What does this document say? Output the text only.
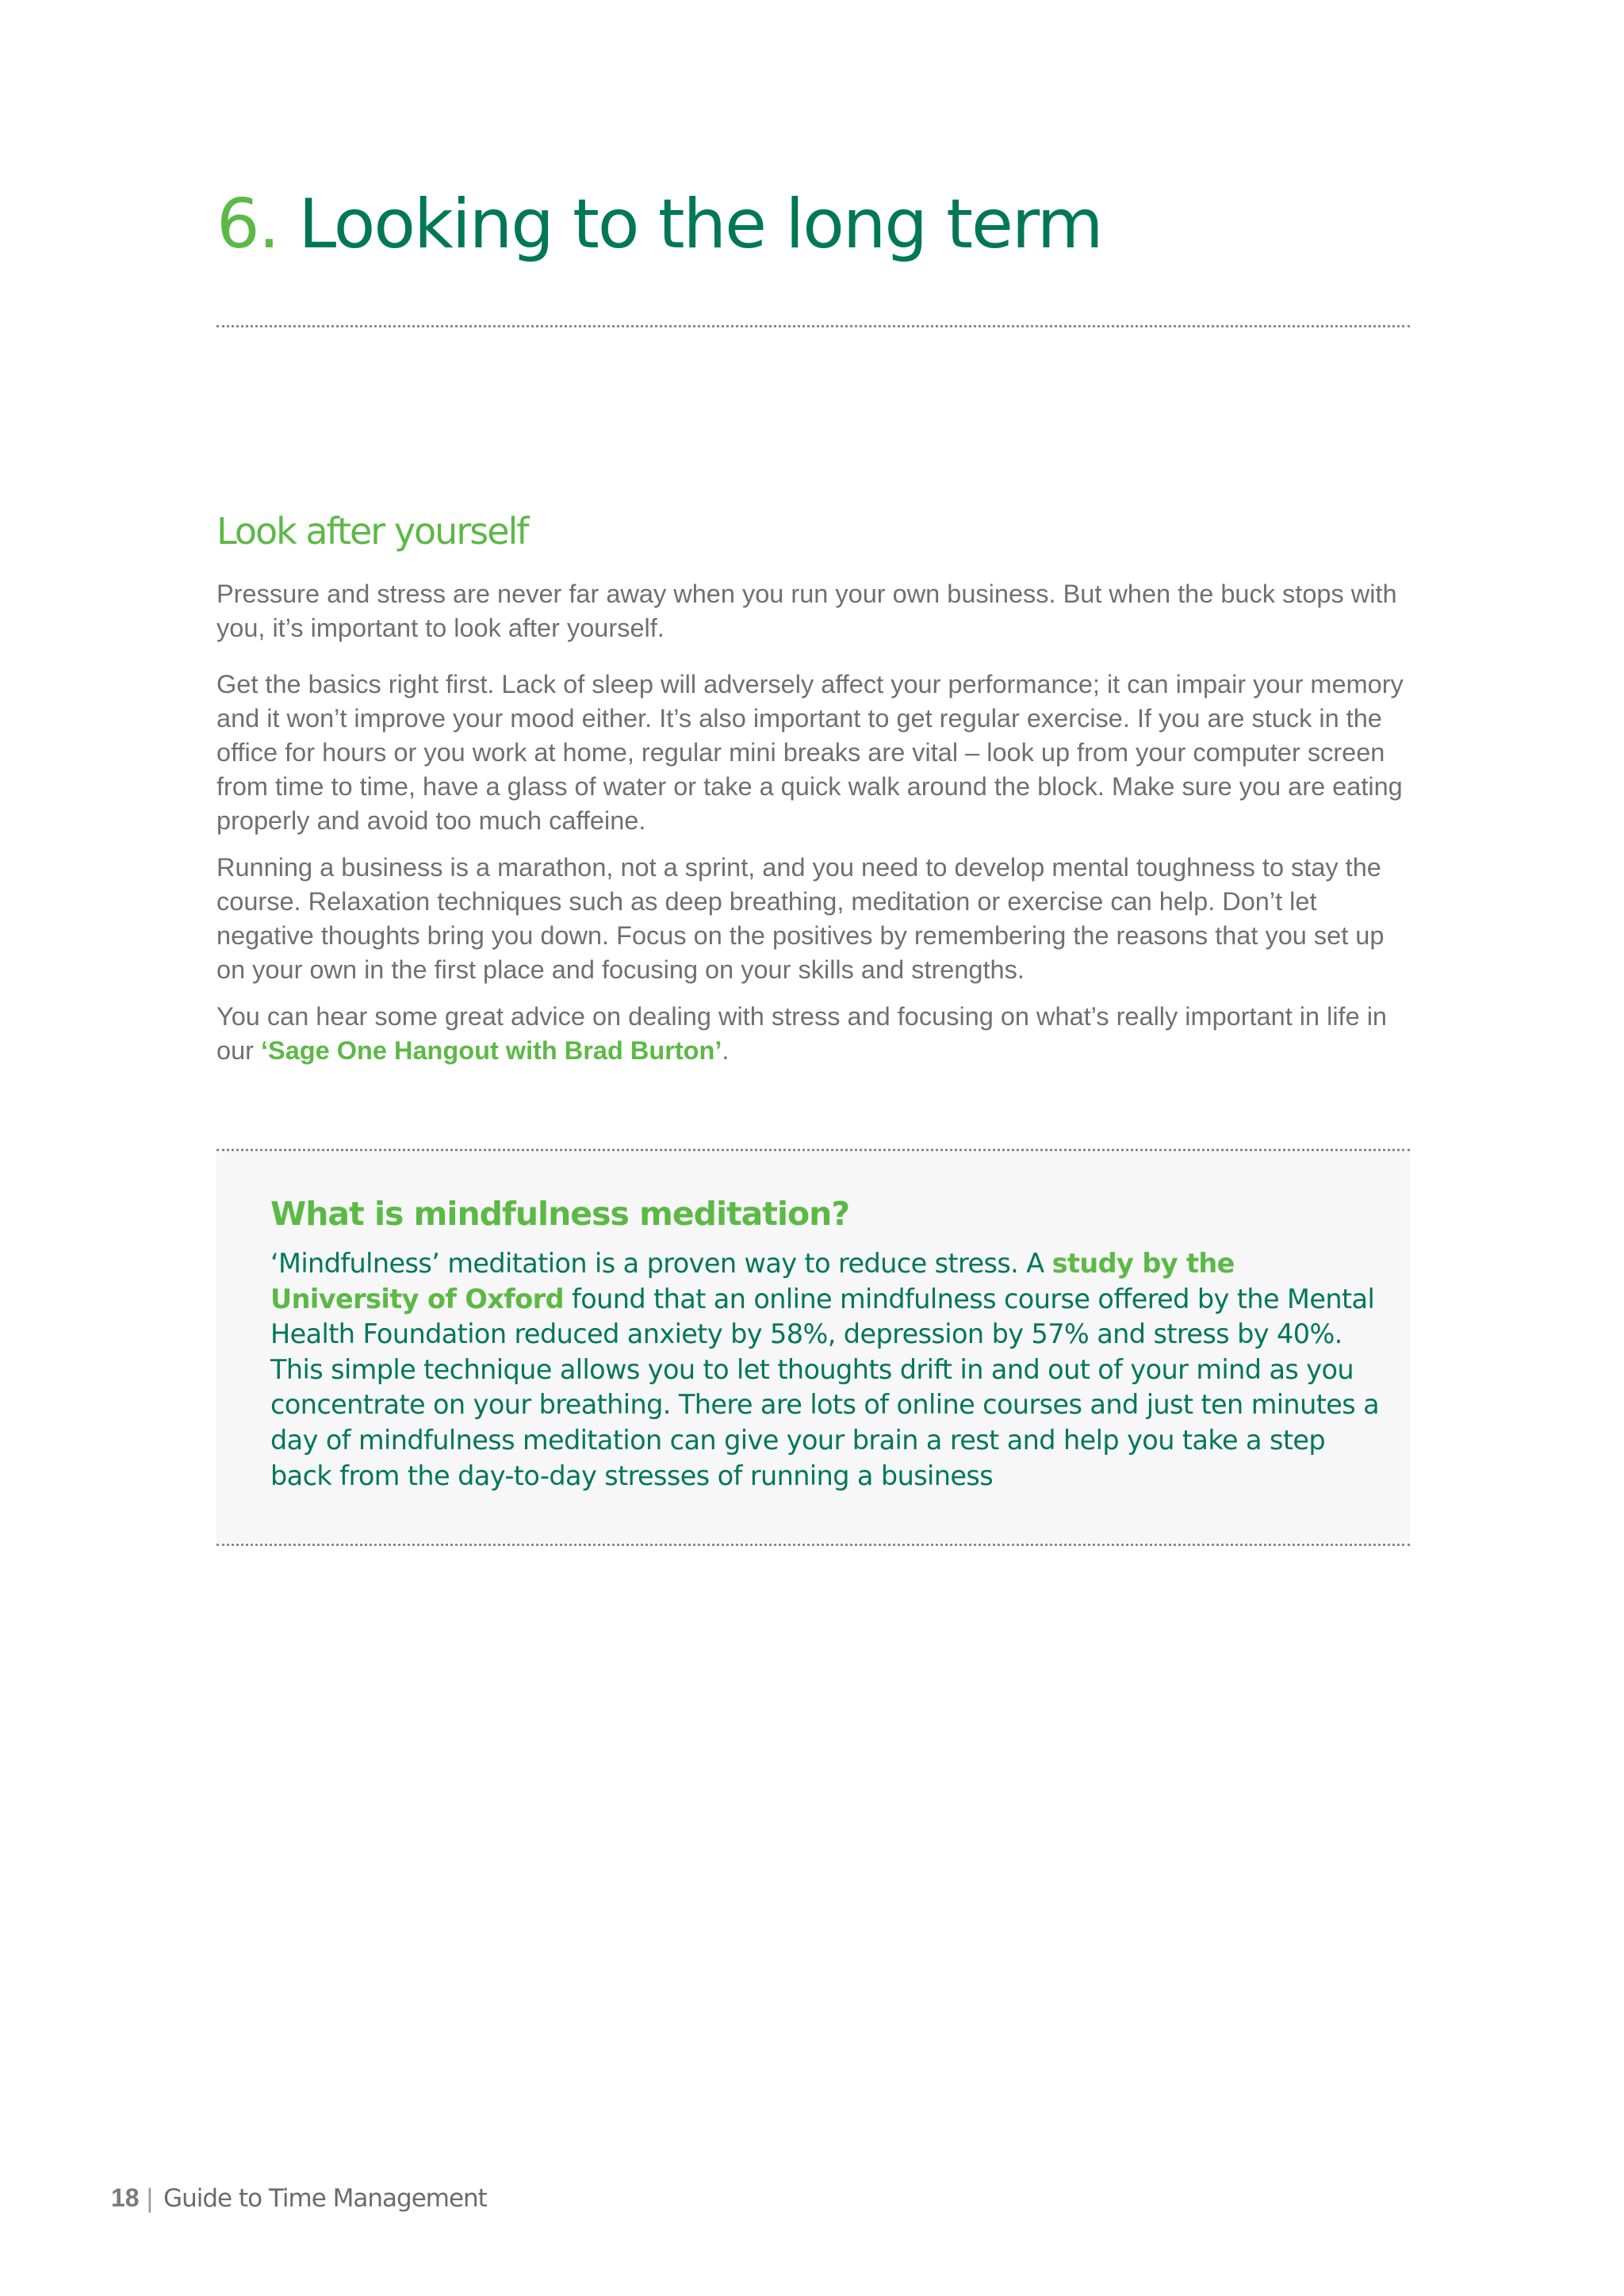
6. Looking to the long term
Look after yourself

Pressure and stress are never far away when you run your own business. But when the buck stops with you, it’s important to look after yourself.

Get the basics right first. Lack of sleep will adversely affect your performance; it can impair your memory and it won’t improve your mood either. It’s also important to get regular exercise. If you are stuck in the office for hours or you work at home, regular mini breaks are vital – look up from your computer screen from time to time, have a glass of water or take a quick walk around the block. Make sure you are eating properly and avoid too much caffeine.

Running a business is a marathon, not a sprint, and you need to develop mental toughness to stay the course. Relaxation techniques such as deep breathing, meditation or exercise can help. Don’t let negative thoughts bring you down. Focus on the positives by remembering the reasons that you set up on your own in the first place and focusing on your skills and strengths.

You can hear some great advice on dealing with stress and focusing on what’s really important in life in our ‘Sage One Hangout with Brad Burton’.

What is mindfulness meditation?

‘Mindfulness’ meditation is a proven way to reduce stress. A study by the University of Oxford found that an online mindfulness course offered by the Mental Health Foundation reduced anxiety by 58%, depression by 57% and stress by 40%. This simple technique allows you to let thoughts drift in and out of your mind as you concentrate on your breathing. There are lots of online courses and just ten minutes a day of mindfulness meditation can give your brain a rest and help you take a step back from the day-to-day stresses of running a business

18 | Guide to Time Management
